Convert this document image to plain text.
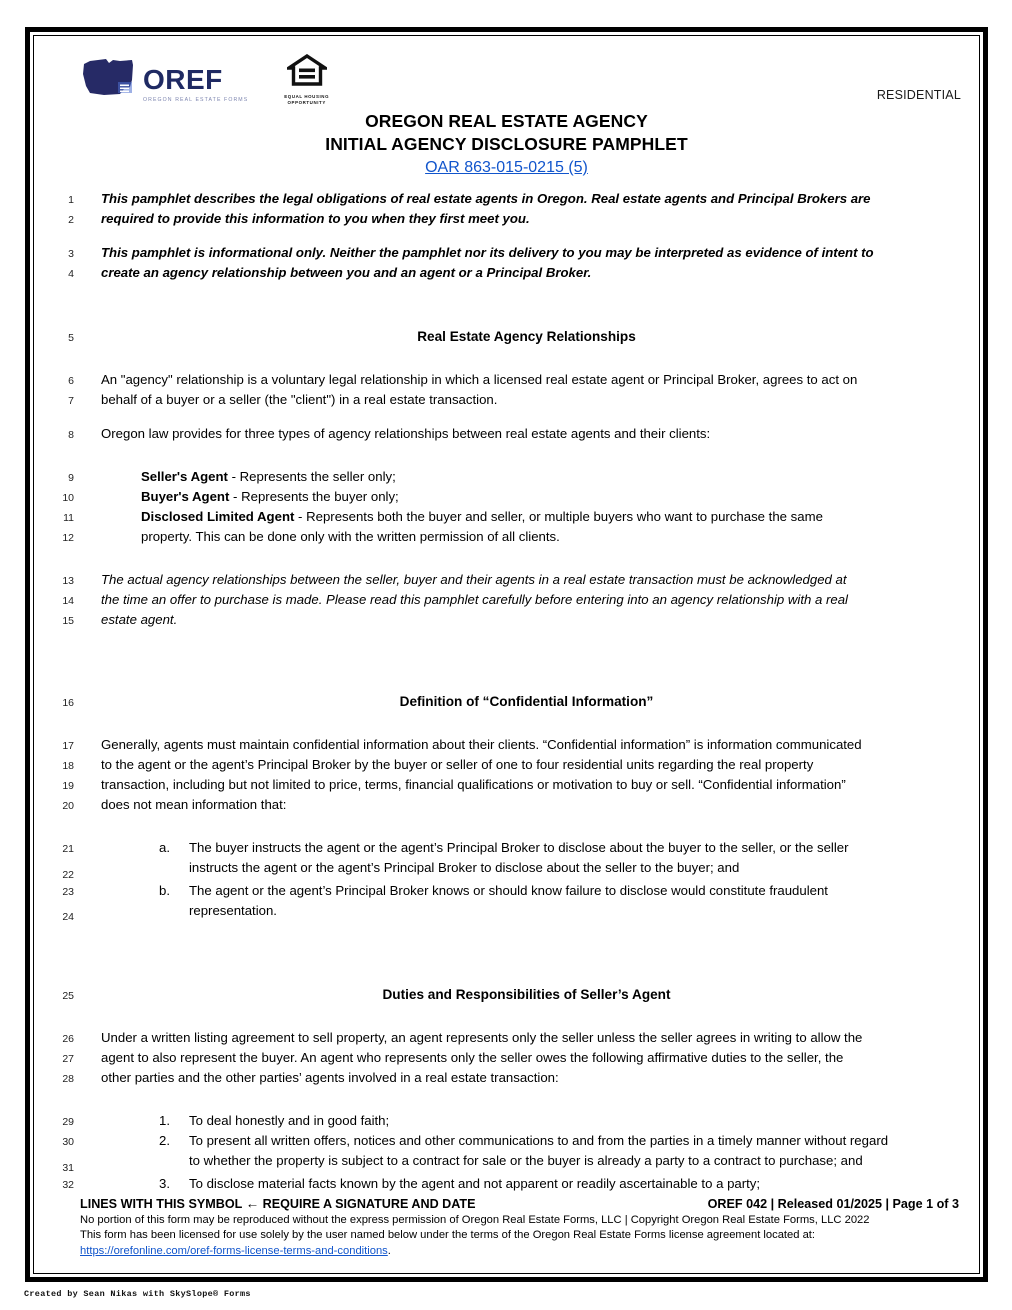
OREF
OREGON REAL ESTATE FORMS
EQUAL HOUSING
OPPORTUNITY
RESIDENTIAL
OREGON REAL ESTATE AGENCY
INITIAL AGENCY DISCLOSURE PAMPHLET
OAR 863-015-0215 (5)
1	This pamphlet describes the legal obligations of real estate agents in Oregon. Real estate agents and Principal Brokers are
2	required to provide this information to you when they first meet you.
3	This pamphlet is informational only. Neither the pamphlet nor its delivery to you may be interpreted as evidence of intent to
4	create an agency relationship between you and an agent or a Principal Broker.
5	Real Estate Agency Relationships
6	An "agency" relationship is a voluntary legal relationship in which a licensed real estate agent or Principal Broker, agrees to act on
7	behalf of a buyer or a seller (the "client") in a real estate transaction.
8	Oregon law provides for three types of agency relationships between real estate agents and their clients:
9	Seller's Agent - Represents the seller only;
10	Buyer's Agent - Represents the buyer only;
11	Disclosed Limited Agent - Represents both the buyer and seller, or multiple buyers who want to purchase the same
12	property. This can be done only with the written permission of all clients.
13	The actual agency relationships between the seller, buyer and their agents in a real estate transaction must be acknowledged at
14	the time an offer to purchase is made. Please read this pamphlet carefully before entering into an agency relationship with a real
15	estate agent.
16	Definition of “Confidential Information”
17	Generally, agents must maintain confidential information about their clients. “Confidential information” is information communicated
18	to the agent or the agent’s Principal Broker by the buyer or seller of one to four residential units regarding the real property
19	transaction, including but not limited to price, terms, financial qualifications or motivation to buy or sell. “Confidential information”
20	does not mean information that:
21	a.	The buyer instructs the agent or the agent’s Principal Broker to disclose about the buyer to the seller, or the seller
22	instructs the agent or the agent’s Principal Broker to disclose about the seller to the buyer; and
23	b.	The agent or the agent’s Principal Broker knows or should know failure to disclose would constitute fraudulent
24	representation.
25	Duties and Responsibilities of Seller’s Agent
26	Under a written listing agreement to sell property, an agent represents only the seller unless the seller agrees in writing to allow the
27	agent to also represent the buyer. An agent who represents only the seller owes the following affirmative duties to the seller, the
28	other parties and the other parties’ agents involved in a real estate transaction:
29	1.	To deal honestly and in good faith;
30	2.	To present all written offers, notices and other communications to and from the parties in a timely manner without regard
31	to whether the property is subject to a contract for sale or the buyer is already a party to a contract to purchase; and
32	3.	To disclose material facts known by the agent and not apparent or readily ascertainable to a party;
LINES WITH THIS SYMBOL ← REQUIRE A SIGNATURE AND DATE	OREF 042 | Released 01/2025 | Page 1 of 3
No portion of this form may be reproduced without the express permission of Oregon Real Estate Forms, LLC | Copyright Oregon Real Estate Forms, LLC 2022
This form has been licensed for use solely by the user named below under the terms of the Oregon Real Estate Forms license agreement located at:
https://orefonline.com/oref-forms-license-terms-and-conditions.
Created by Sean Nikas with SkySlope® Forms
